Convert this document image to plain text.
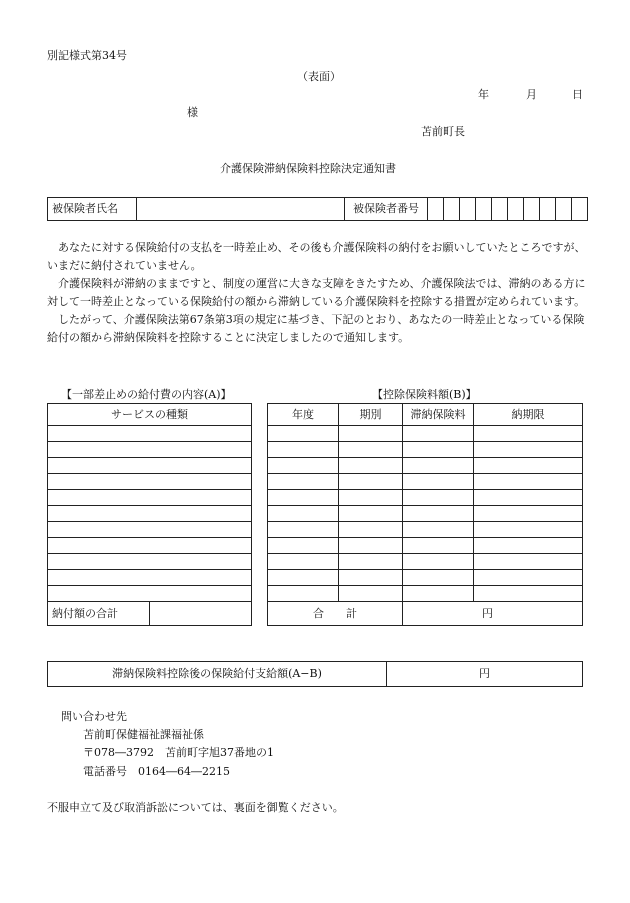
別記様式第34号
（表面）
年	月	日
様
苫前町長
介護保険滞納保険料控除決定通知書
被保険者氏名		被保険者番号										

あなたに対する保険給付の支払を一時差止め、その後も介護保険料の納付をお願いしていたところですが、いまだに納付されていません。

介護保険料が滞納のままですと、制度の運営に大きな支障をきたすため、介護保険法では、滞納のある方に対して一時差止となっている保険給付の額から滞納している介護保険料を控除する措置が定められています。

したがって、介護保険法第67条第3項の規定に基づき、下記のとおり、あなたの一時差止となっている保険給付の額から滞納保険料を控除することに決定しましたので通知します。

【一部差止めの給付費の内容(A)】	【控除保険料額(B)】
サービスの種類

納付額の合計	
年度	期別	滞納保険料	納期限

合　　計		円	
滞納保険料控除後の保険給付支給額(A−B)	円
問い合わせ先
苫前町保健福祉課福祉係
〒078―3792　苫前町字旭37番地の1
電話番号　0164―64―2215
不服申立て及び取消訴訟については、裏面を御覧ください。
